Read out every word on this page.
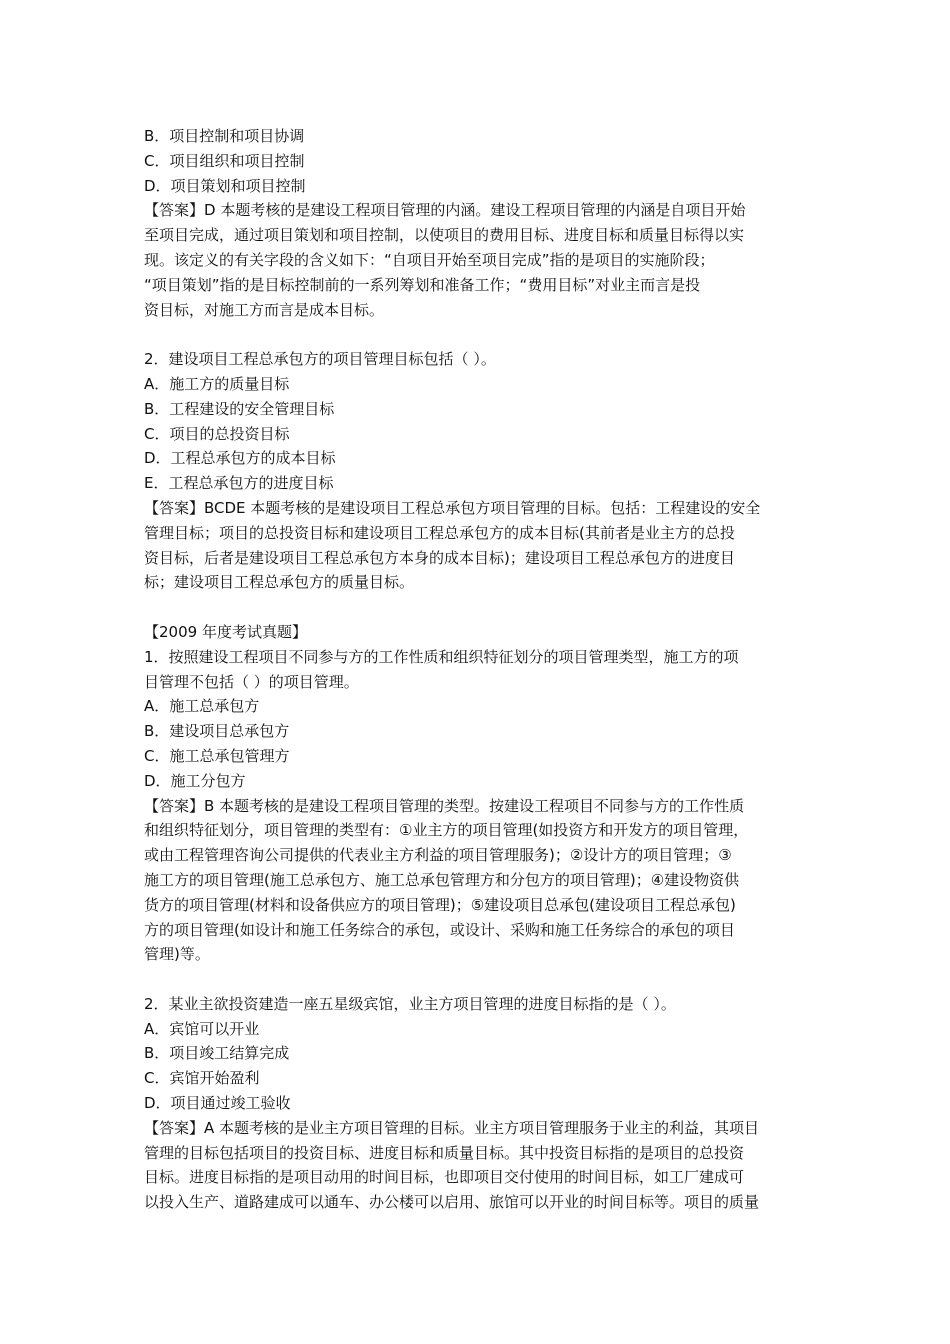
B．项目控制和项目协调
C．项目组织和项目控制
D．项目策划和项目控制
【答案】D 本题考核的是建设工程项目管理的内涵。建设工程项目管理的内涵是自项目开始
至项目完成，通过项目策划和项目控制，以使项目的费用目标、进度目标和质量目标得以实
现。该定义的有关字段的含义如下：“自项目开始至项目完成”指的是项目的实施阶段；
“项目策划”指的是目标控制前的一系列筹划和准备工作；“费用目标”对业主而言是投
资目标，对施工方而言是成本目标。
2．建设项目工程总承包方的项目管理目标包括（ ）。
A．施工方的质量目标
B．工程建设的安全管理目标
C．项目的总投资目标
D．工程总承包方的成本目标
E．工程总承包方的进度目标
【答案】BCDE 本题考核的是建设项目工程总承包方项目管理的目标。包括：工程建设的安全
管理目标；项目的总投资目标和建设项目工程总承包方的成本目标(其前者是业主方的总投
资目标，后者是建设项目工程总承包方本身的成本目标)；建设项目工程总承包方的进度目
标；建设项目工程总承包方的质量目标。
【2009 年度考试真题】
1．按照建设工程项目不同参与方的工作性质和组织特征划分的项目管理类型，施工方的项
目管理不包括（ ）的项目管理。
A．施工总承包方
B．建设项目总承包方
C．施工总承包管理方
D．施工分包方
【答案】B 本题考核的是建设工程项目管理的类型。按建设工程项目不同参与方的工作性质
和组织特征划分，项目管理的类型有：①业主方的项目管理(如投资方和开发方的项目管理，
或由工程管理咨询公司提供的代表业主方利益的项目管理服务)；②设计方的项目管理；③
施工方的项目管理(施工总承包方、施工总承包管理方和分包方的项目管理)；④建设物资供
货方的项目管理(材料和设备供应方的项目管理)；⑤建设项目总承包(建设项目工程总承包)
方的项目管理(如设计和施工任务综合的承包，或设计、采购和施工任务综合的承包的项目
管理)等。
2．某业主欲投资建造一座五星级宾馆，业主方项目管理的进度目标指的是（ ）。
A．宾馆可以开业
B．项目竣工结算完成
C．宾馆开始盈利
D．项目通过竣工验收
【答案】A 本题考核的是业主方项目管理的目标。业主方项目管理服务于业主的利益，其项目
管理的目标包括项目的投资目标、进度目标和质量目标。其中投资目标指的是项目的总投资
目标。进度目标指的是项目动用的时间目标，也即项目交付使用的时间目标，如工厂建成可
以投入生产、道路建成可以通车、办公楼可以启用、旅馆可以开业的时间目标等。项目的质量
